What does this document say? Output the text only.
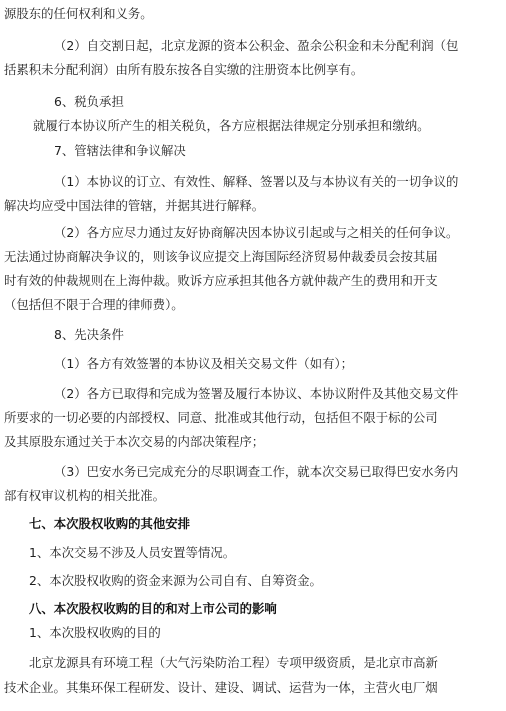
源股东的任何权利和义务。
（2）自交割日起，北京龙源的资本公积金、盈余公积金和未分配利润（包
括累积未分配利润）由所有股东按各自实缴的注册资本比例享有。
6、税负承担
就履行本协议所产生的相关税负，各方应根据法律规定分别承担和缴纳。
7、管辖法律和争议解决
（1）本协议的订立、有效性、解释、签署以及与本协议有关的一切争议的
解决均应受中国法律的管辖，并据其进行解释。
（2）各方应尽力通过友好协商解决因本协议引起或与之相关的任何争议。
无法通过协商解决争议的，则该争议应提交上海国际经济贸易仲裁委员会按其届
时有效的仲裁规则在上海仲裁。败诉方应承担其他各方就仲裁产生的费用和开支
（包括但不限于合理的律师费）。
8、先决条件
（1）各方有效签署的本协议及相关交易文件（如有）；
（2）各方已取得和完成为签署及履行本协议、本协议附件及其他交易文件
所要求的一切必要的内部授权、同意、批准或其他行动，包括但不限于标的公司
及其原股东通过关于本次交易的内部决策程序；
（3）巴安水务已完成充分的尽职调查工作，就本次交易已取得巴安水务内
部有权审议机构的相关批准。
七、本次股权收购的其他安排
1、本次交易不涉及人员安置等情况。
2、本次股权收购的资金来源为公司自有、自筹资金。
八、本次股权收购的目的和对上市公司的影响
1、本次股权收购的目的
北京龙源具有环境工程（大气污染防治工程）专项甲级资质，是北京市高新
技术企业。其集环保工程研发、设计、建设、调试、运营为一体，主营火电厂烟
